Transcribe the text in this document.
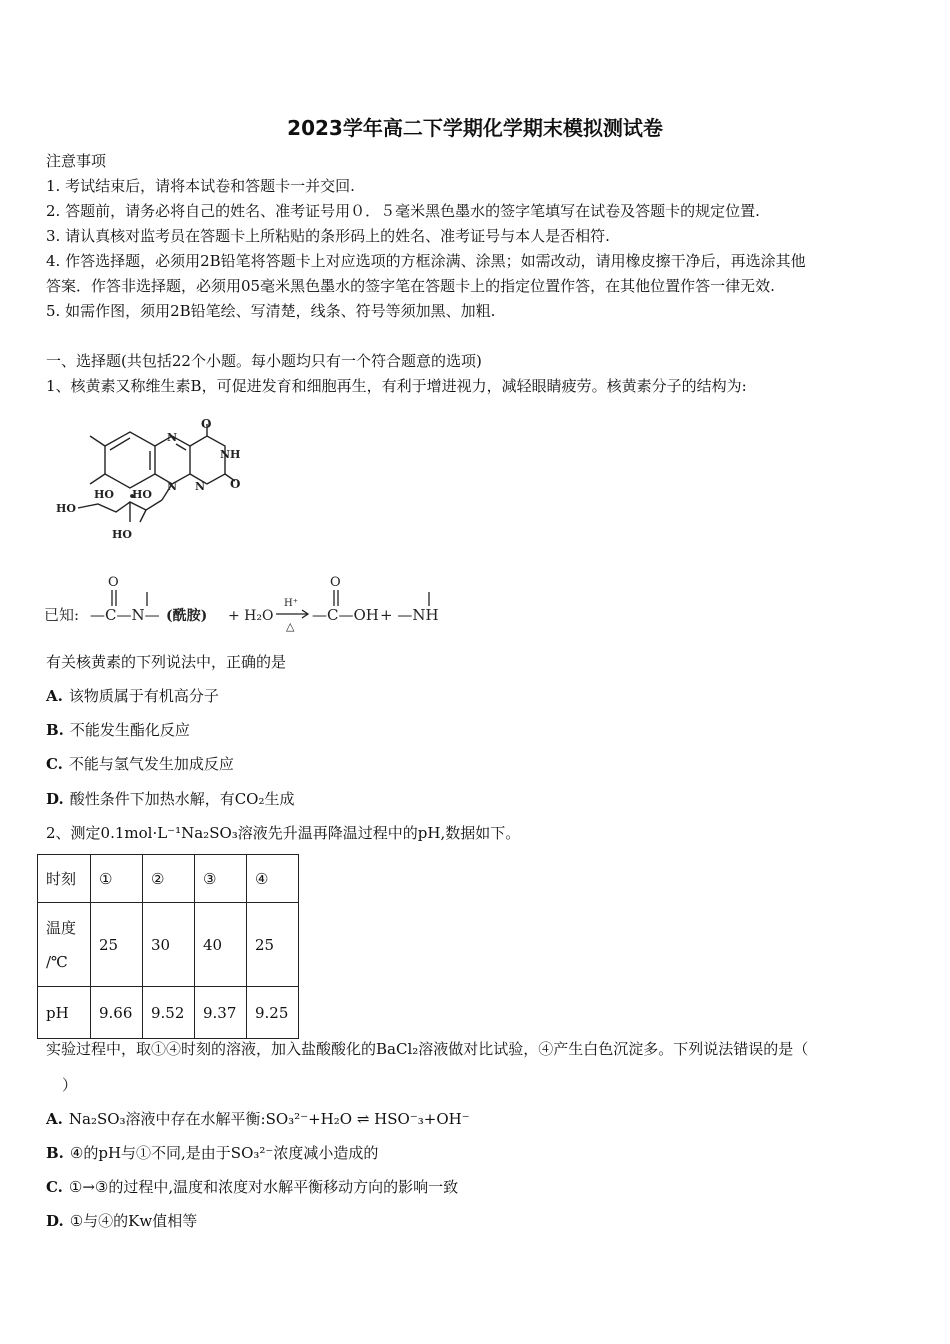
2023学年高二下学期化学期末模拟测试卷
注意事项
1. 考试结束后，请将本试卷和答题卡一并交回.
2. 答题前，请务必将自己的姓名、准考证号用０．５毫米黑色墨水的签字笔填写在试卷及答题卡的规定位置.
3. 请认真核对监考员在答题卡上所粘贴的条形码上的姓名、准考证号与本人是否相符.
4. 作答选择题，必须用2B铅笔将答题卡上对应选项的方框涂满、涂黑；如需改动，请用橡皮擦干净后，再选涂其他
答案．作答非选择题，必须用05毫米黑色墨水的签字笔在答题卡上的指定位置作答，在其他位置作答一律无效.
5. 如需作图，须用2B铅笔绘、写清楚，线条、符号等须加黑、加粗.
一、选择题(共包括22个小题。每小题均只有一个符合题意的选项)
1、核黄素又称维生素B，可促进发育和细胞再生，有利于增进视力，减轻眼睛疲劳。核黄素分子的结构为:
O
NH
N
N
N	O
HO HO
HO
HO
已知:
O
—C—N— (酰胺) + H₂O
H⁺
△
O
—C—OH + —NH
有关核黄素的下列说法中，正确的是
A. 该物质属于有机高分子
B. 不能发生酯化反应
C. 不能与氢气发生加成反应
D. 酸性条件下加热水解，有CO₂生成
2、测定0.1mol·L⁻¹Na₂SO₃溶液先升温再降温过程中的pH,数据如下。
时刻	①	②	③	④
温度
/℃	25	30	40	25
pH	9.66	9.52	9.37	9.25
实验过程中，取①④时刻的溶液，加入盐酸酸化的BaCl₂溶液做对比试验，④产生白色沉淀多。下列说法错误的是（
）
A. Na₂SO₃溶液中存在水解平衡:SO₃²⁻+H₂O ⇌ HSO⁻₃+OH⁻
B. ④的pH与①不同,是由于SO₃²⁻浓度减小造成的
C. ①→③的过程中,温度和浓度对水解平衡移动方向的影响一致
D. ①与④的Kw值相等
